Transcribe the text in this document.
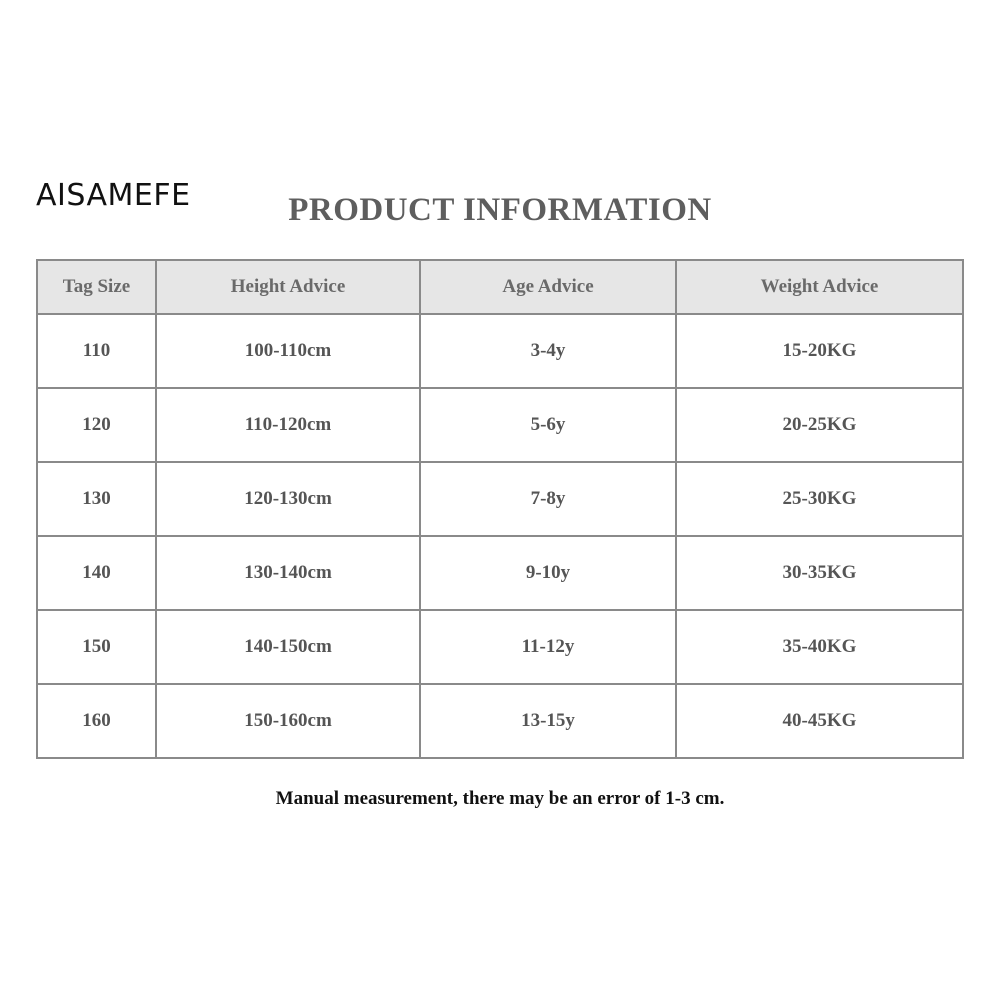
AISAMEFE	PRODUCT INFORMATION
Tag Size	Height Advice	Age Advice	Weight Advice
110	100-110cm	3-4y	15-20KG
120	110-120cm	5-6y	20-25KG
130	120-130cm	7-8y	25-30KG
140	130-140cm	9-10y	30-35KG
150	140-150cm	11-12y	35-40KG
160	150-160cm	13-15y	40-45KG
Manual measurement, there may be an error of 1-3 cm.
